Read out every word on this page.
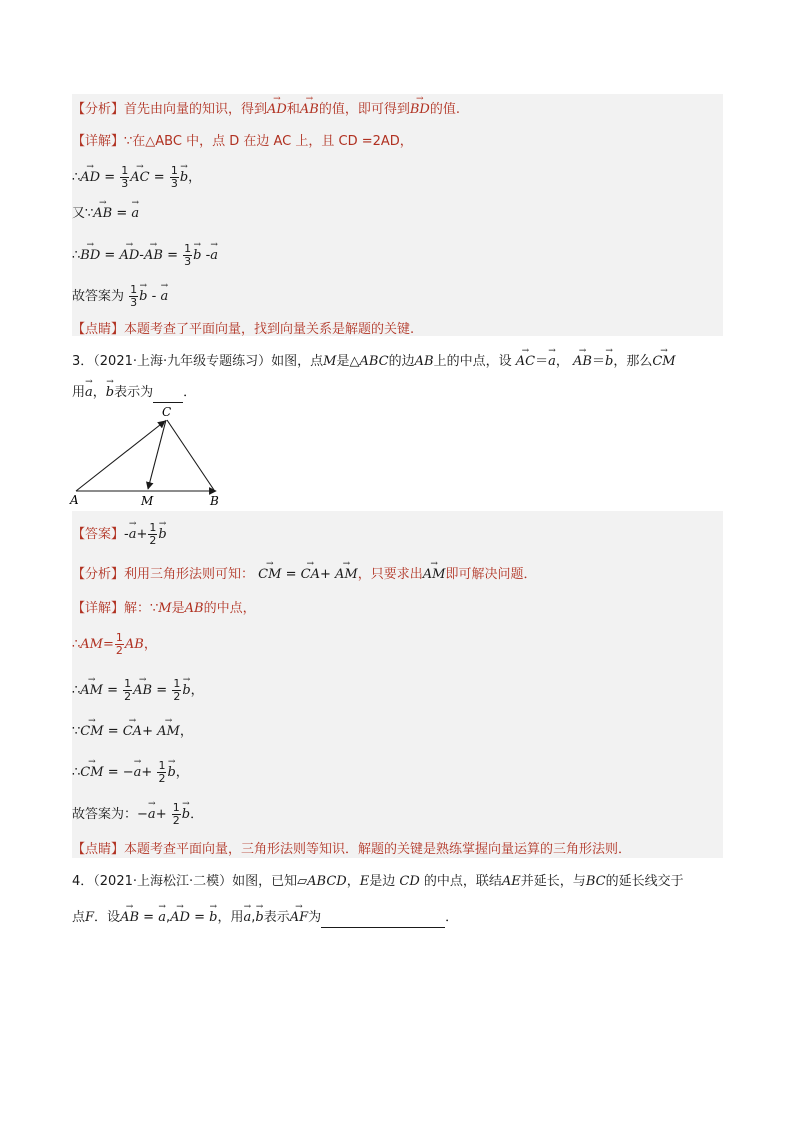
【分析】首先由向量的知识，得到→ AD和→ AB的值，即可得到→ BD的值.
【详解】∵在△ABC 中，点 D 在边 AC 上，且 CD =2AD，
∴→ AD = $\frac{1}{3}$
→ AC = $\frac{1}{3}$
→ b，
又∵→ AB = → a
∴→ BD = → AD-→ AB = $\frac{1}{3}$
→ b -→ a
故答案为 $\frac{1}{3}$
→ b - → a
【点睛】本题考查了平面向量，找到向量关系是解题的关键.
3．（2021·上海·九年级专题练习）如图，点M是△ABC的边AB上的中点，设 → AC＝→ a， → AB＝→ b，那么→ CM
用→ a，→ b表示为 ．
C
A	M	B
【答案】-→ $a+ \frac{1}{2}$
→ b
【分析】利用三角形法则可知： → CM = → CA+ → AM，只要求出→ AM即可解决问题．
【详解】解：∵M是AB的中点，
∴AM= $\frac{1}{2}$ AB，
∴→ AM = $\frac{1}{2}$
→ AB = $\frac{1}{2}$
→ b，
∵→ CM = → CA+ → AM，
∴→ CM = −→ $a+ \frac{1}{2}$
→ b，
故答案为：−→ $a+ \frac{1}{2}$
→ b．
【点睛】本题考查平面向量，三角形法则等知识．解题的关键是熟练掌握向量运算的三角形法则．
4．（2021·上海松江·二模）如图，已知▱ABCD，E是边 CD 的中点，联结AE并延长，与BC的延长线交于
点F．设→ AB = → a,→ AD = → b，用→ a,→ b表示→ AF为	．
